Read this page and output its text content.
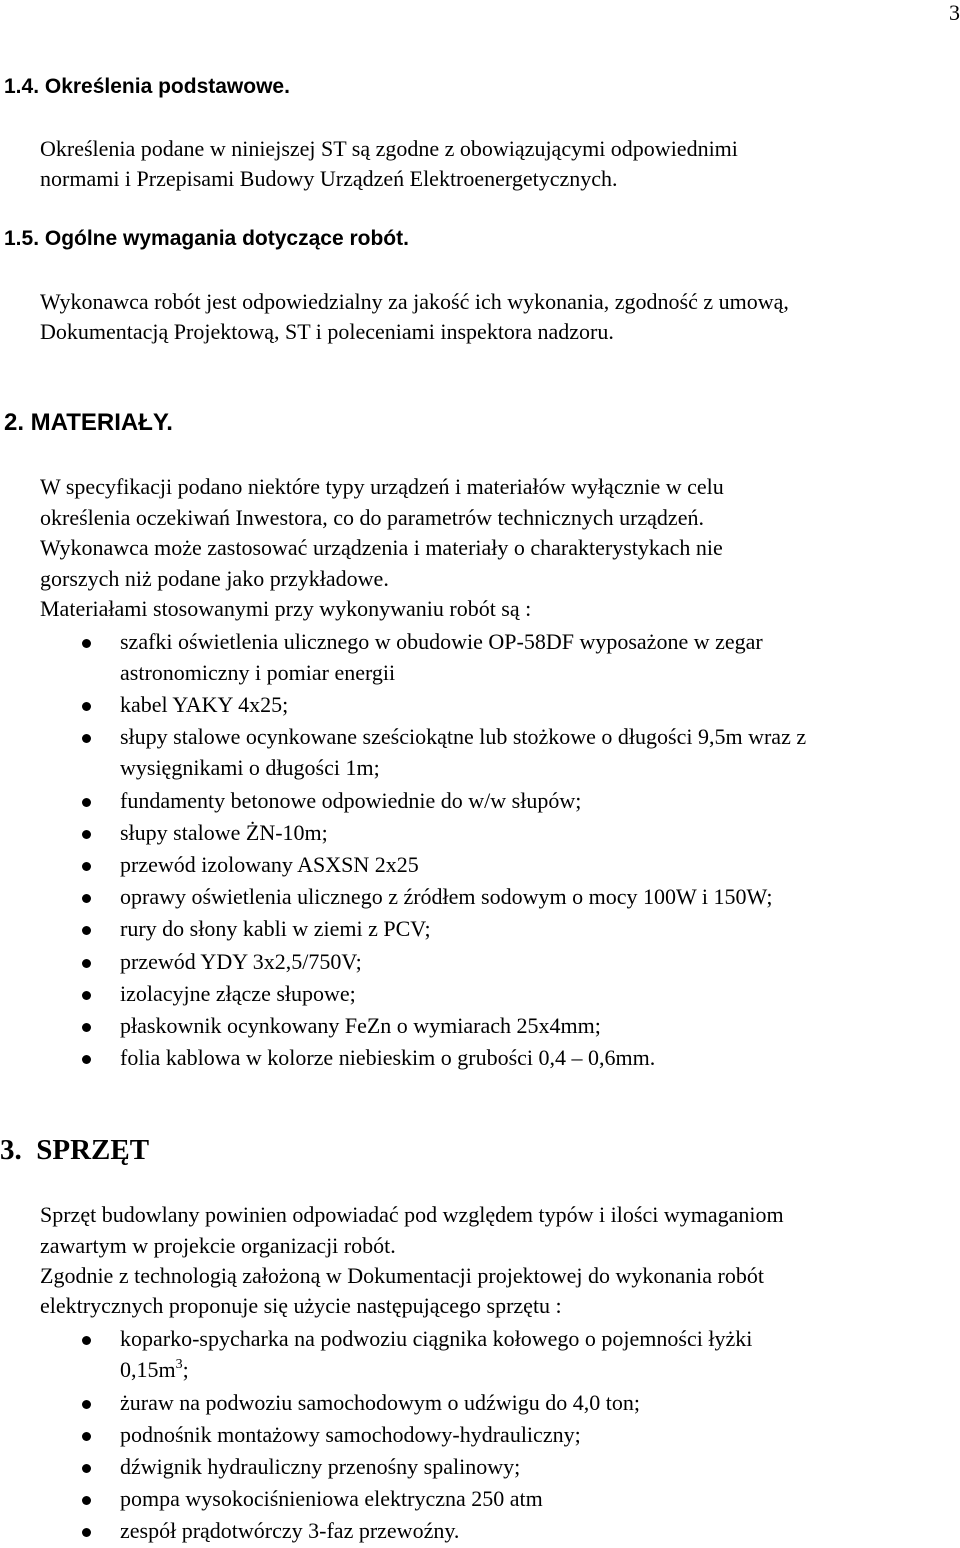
3
1.4. Określenia podstawowe.
Określenia podane w niniejszej ST są zgodne z obowiązującymi odpowiednimi
normami i Przepisami Budowy Urządzeń Elektroenergetycznych.
1.5. Ogólne wymagania dotyczące robót.
Wykonawca robót jest odpowiedzialny za jakość ich wykonania, zgodność z umową,
Dokumentacją Projektową, ST i poleceniami inspektora nadzoru.
2. MATERIAŁY.
W specyfikacji podano niektóre typy urządzeń i materiałów wyłącznie w celu
określenia oczekiwań Inwestora, co do parametrów technicznych urządzeń.
Wykonawca może zastosować urządzenia i materiały o charakterystykach nie
gorszych niż podane jako przykładowe.
Materiałami stosowanymi przy wykonywaniu robót są :
szafki oświetlenia ulicznego w obudowie OP-58DF wyposażone w zegar
astronomiczny i pomiar energii
kabel YAKY 4x25;
słupy stalowe ocynkowane sześciokątne lub stożkowe o długości 9,5m wraz z
wysięgnikami o długości 1m;
fundamenty betonowe odpowiednie do w/w słupów;
słupy stalowe ŻN-10m;
przewód izolowany ASXSN 2x25
oprawy oświetlenia ulicznego z źródłem sodowym o mocy 100W i 150W;
rury do słony kabli w ziemi z PCV;
przewód YDY 3x2,5/750V;
izolacyjne złącze słupowe;
płaskownik ocynkowany FeZn o wymiarach 25x4mm;
folia kablowa w kolorze niebieskim o grubości 0,4 – 0,6mm.
3. SPRZĘT
Sprzęt budowlany powinien odpowiadać pod względem typów i ilości wymaganiom
zawartym w projekcie organizacji robót.
Zgodnie z technologią założoną w Dokumentacji projektowej do wykonania robót
elektrycznych proponuje się użycie następującego sprzętu :
koparko-spycharka na podwoziu ciągnika kołowego o pojemności łyżki
$0,15m^3$;
żuraw na podwoziu samochodowym o udźwigu do 4,0 ton;
podnośnik montażowy samochodowy-hydrauliczny;
dźwignik hydrauliczny przenośny spalinowy;
pompa wysokociśnieniowa elektryczna 250 atm
zespół prądotwórczy 3-faz przewoźny.
